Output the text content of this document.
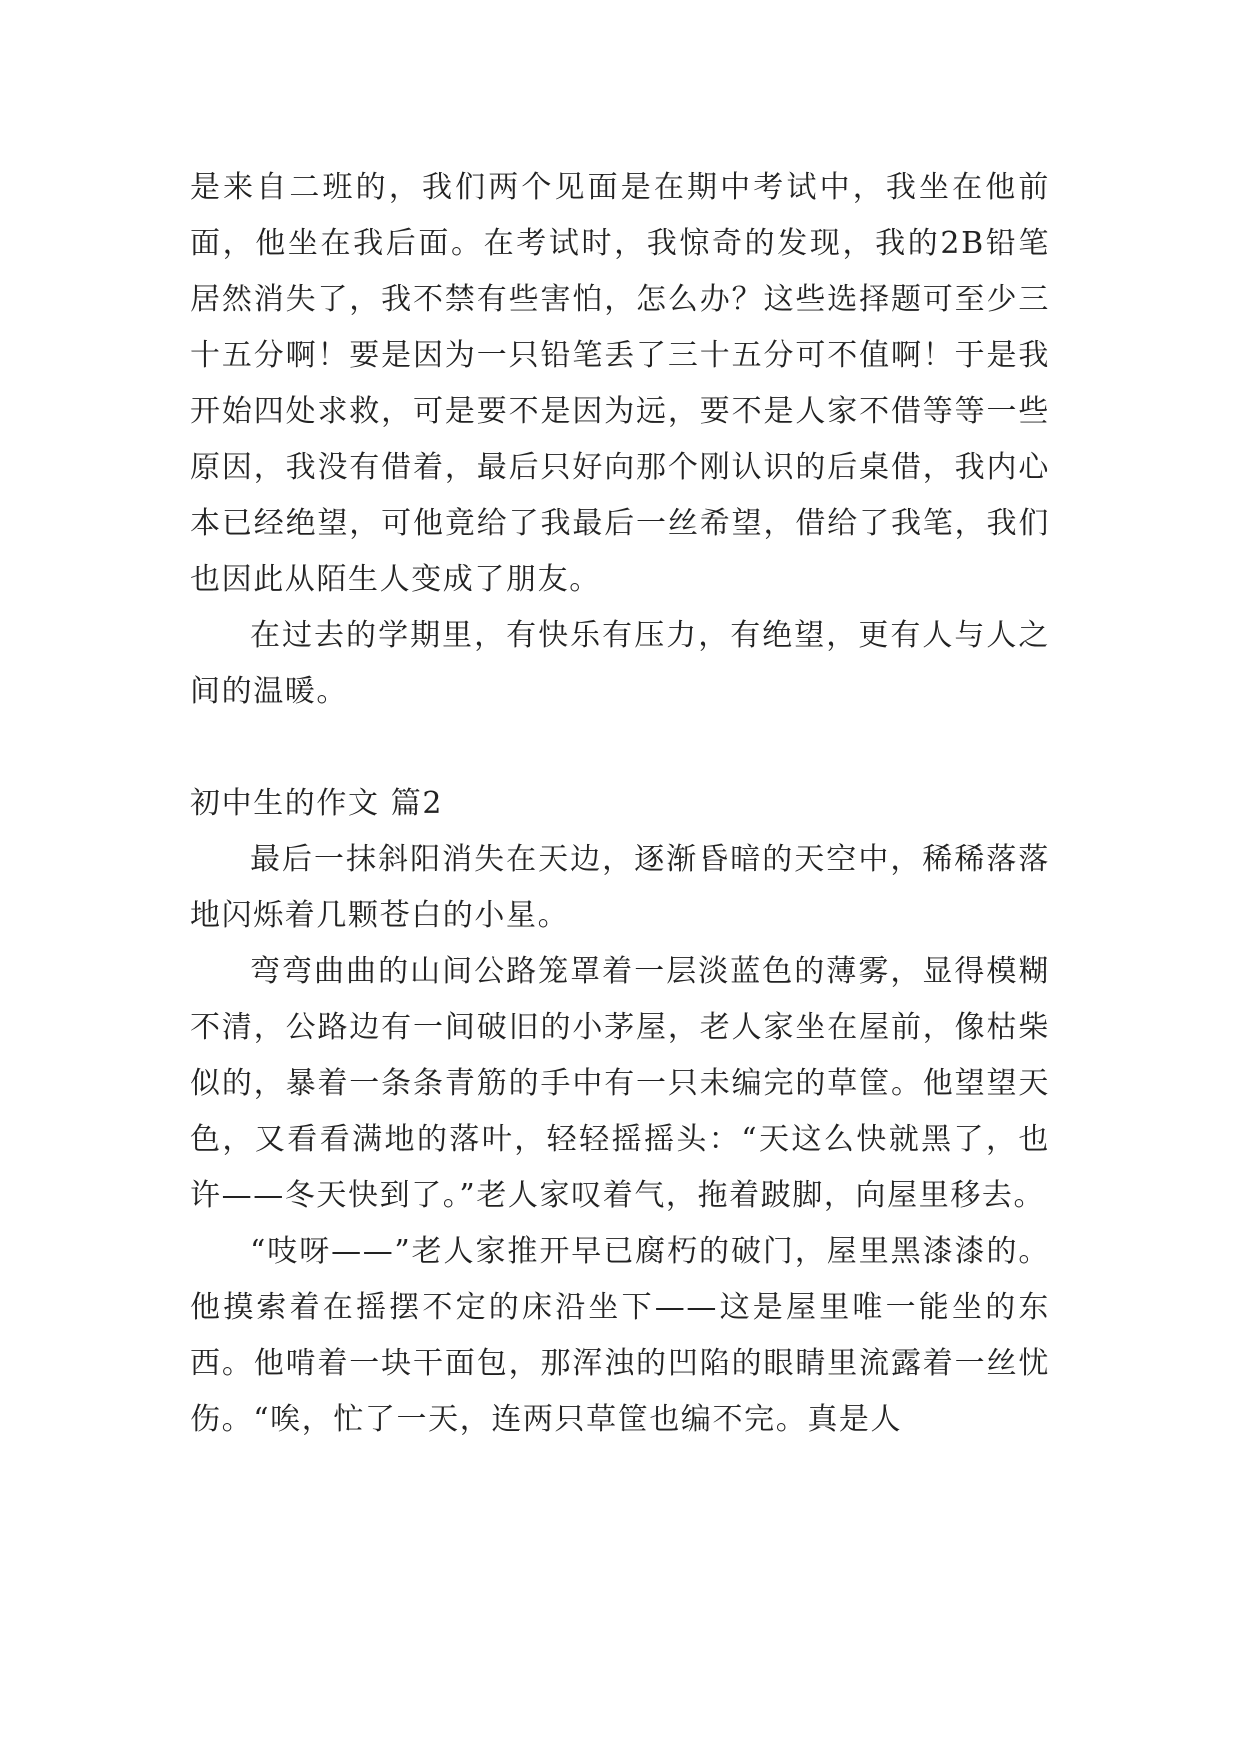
是来自二班的，我们两个见面是在期中考试中，我坐在他前面，他坐在我后面。在考试时，我惊奇的发现，我的2B铅笔居然消失了，我不禁有些害怕，怎么办？这些选择题可至少三十五分啊！要是因为一只铅笔丢了三十五分可不值啊！于是我开始四处求救，可是要不是因为远，要不是人家不借等等一些原因，我没有借着，最后只好向那个刚认识的后桌借，我内心本已经绝望，可他竟给了我最后一丝希望，借给了我笔，我们也因此从陌生人变成了朋友。

在过去的学期里，有快乐有压力，有绝望，更有人与人之间的温暖。

初中生的作文 篇2

最后一抹斜阳消失在天边，逐渐昏暗的天空中，稀稀落落地闪烁着几颗苍白的小星。

弯弯曲曲的山间公路笼罩着一层淡蓝色的薄雾，显得模糊不清，公路边有一间破旧的小茅屋，老人家坐在屋前，像枯柴似的，暴着一条条青筋的手中有一只未编完的草筐。他望望天色，又看看满地的落叶，轻轻摇摇头：“天这么快就黑了，也许——冬天快到了。”老人家叹着气，拖着跛脚，向屋里移去。

“吱呀——”老人家推开早已腐朽的破门，屋里黑漆漆的。他摸索着在摇摆不定的床沿坐下——这是屋里唯一能坐的东西。他啃着一块干面包，那浑浊的凹陷的眼睛里流露着一丝忧伤。“唉，忙了一天，连两只草筐也编不完。真是人
